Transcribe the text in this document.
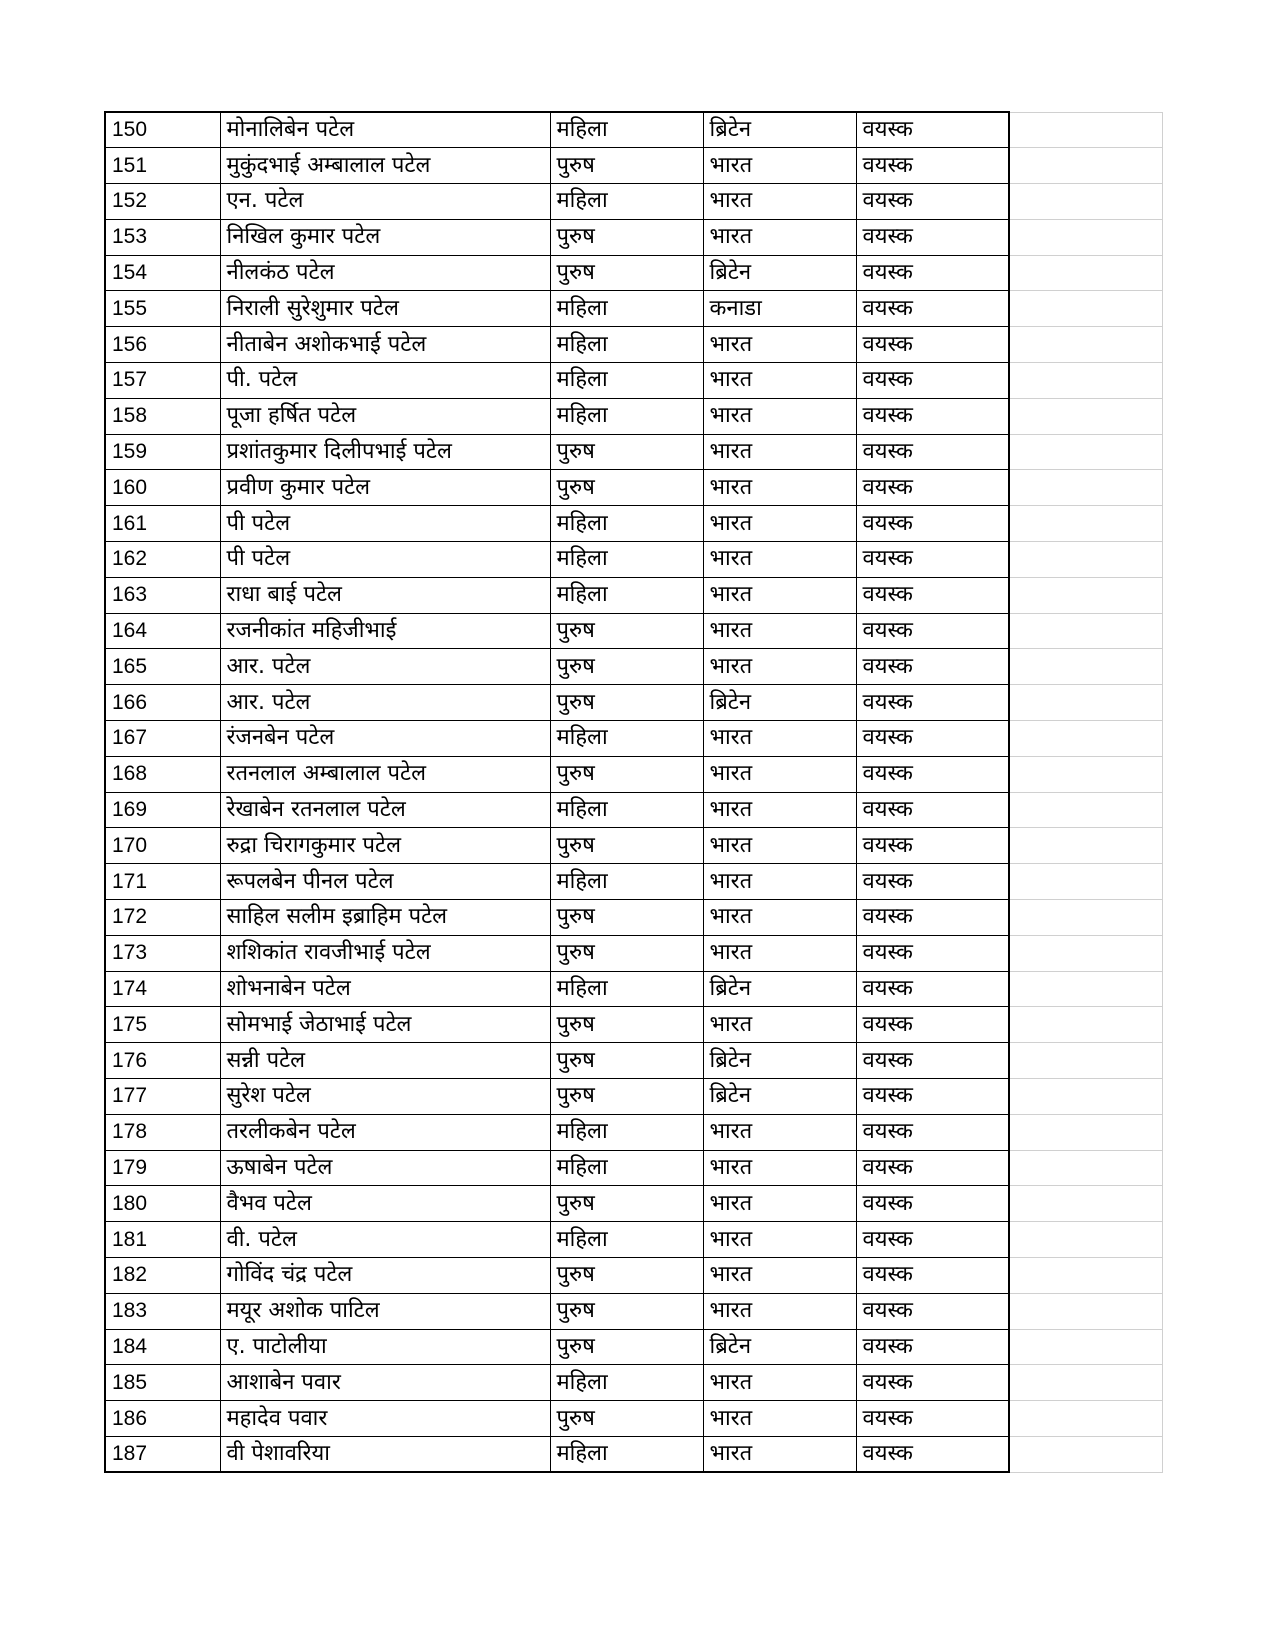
150	मोनालिबेन पटेल	महिला	ब्रिटेन	वयस्क	
151	मुकुंदभाई अम्बालाल पटेल	पुरुष	भारत	वयस्क	
152	एन. पटेल	महिला	भारत	वयस्क	
153	निखिल कुमार पटेल	पुरुष	भारत	वयस्क	
154	नीलकंठ पटेल	पुरुष	ब्रिटेन	वयस्क	
155	निराली सुरेशुमार पटेल	महिला	कनाडा	वयस्क	
156	नीताबेन अशोकभाई पटेल	महिला	भारत	वयस्क	
157	पी. पटेल	महिला	भारत	वयस्क	
158	पूजा हर्षित पटेल	महिला	भारत	वयस्क	
159	प्रशांतकुमार दिलीपभाई पटेल	पुरुष	भारत	वयस्क	
160	प्रवीण कुमार पटेल	पुरुष	भारत	वयस्क	
161	पी पटेल	महिला	भारत	वयस्क	
162	पी पटेल	महिला	भारत	वयस्क	
163	राधा बाई पटेल	महिला	भारत	वयस्क	
164	रजनीकांत महिजीभाई	पुरुष	भारत	वयस्क	
165	आर. पटेल	पुरुष	भारत	वयस्क	
166	आर. पटेल	पुरुष	ब्रिटेन	वयस्क	
167	रंजनबेन पटेल	महिला	भारत	वयस्क	
168	रतनलाल अम्बालाल पटेल	पुरुष	भारत	वयस्क	
169	रेखाबेन रतनलाल पटेल	महिला	भारत	वयस्क	
170	रुद्रा चिरागकुमार पटेल	पुरुष	भारत	वयस्क	
171	रूपलबेन पीनल पटेल	महिला	भारत	वयस्क	
172	साहिल सलीम इब्राहिम पटेल	पुरुष	भारत	वयस्क	
173	शशिकांत रावजीभाई पटेल	पुरुष	भारत	वयस्क	
174	शोभनाबेन पटेल	महिला	ब्रिटेन	वयस्क	
175	सोमभाई जेठाभाई पटेल	पुरुष	भारत	वयस्क	
176	सन्नी पटेल	पुरुष	ब्रिटेन	वयस्क	
177	सुरेश पटेल	पुरुष	ब्रिटेन	वयस्क	
178	तरलीकबेन पटेल	महिला	भारत	वयस्क	
179	ऊषाबेन पटेल	महिला	भारत	वयस्क	
180	वैभव पटेल	पुरुष	भारत	वयस्क	
181	वी. पटेल	महिला	भारत	वयस्क	
182	गोविंद चंद्र पटेल	पुरुष	भारत	वयस्क	
183	मयूर अशोक पाटिल	पुरुष	भारत	वयस्क	
184	ए. पाटोलीया	पुरुष	ब्रिटेन	वयस्क	
185	आशाबेन पवार	महिला	भारत	वयस्क	
186	महादेव पवार	पुरुष	भारत	वयस्क	
187	वी पेशावरिया	महिला	भारत	वयस्क	
